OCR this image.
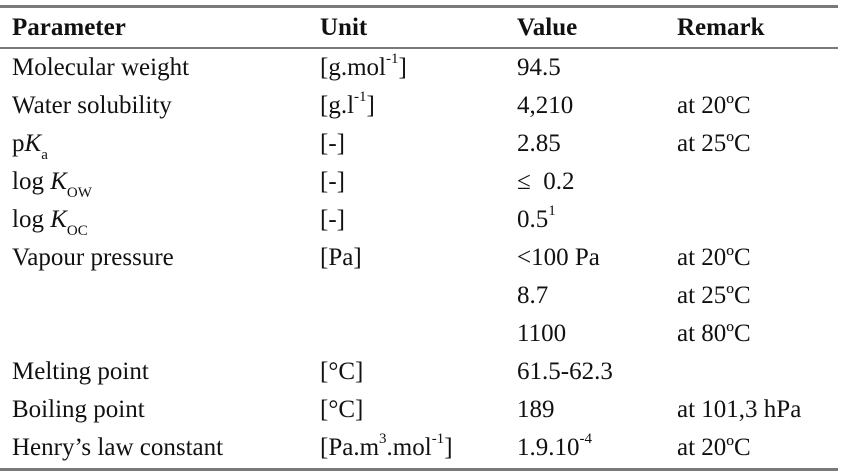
Parameter	Unit	Value	Remark
Molecular weight	[g.mol$^{-1}$]	94.5	
Water solubility	$[g.l^{-1}]$	4,210	at 20ºC
$pK_a$	[-]	2.85	at 25ºC
$\log K_{OW}$	[-]	≤  0.2	
$\log K_{OC}$	[-]	$0.5^1$	
Vapour pressure	[Pa]	<100 Pa	at 20ºC
		8.7	at 25ºC
		1100	at 80ºC
Melting point	[°C]	61.5-62.3	
Boiling point	[°C]	189	at 101,3 hPa
Henry’s law constant	$[Pa.m^3.mol^{-1}]$	$1.9.10^{-4}$	at 20ºC
